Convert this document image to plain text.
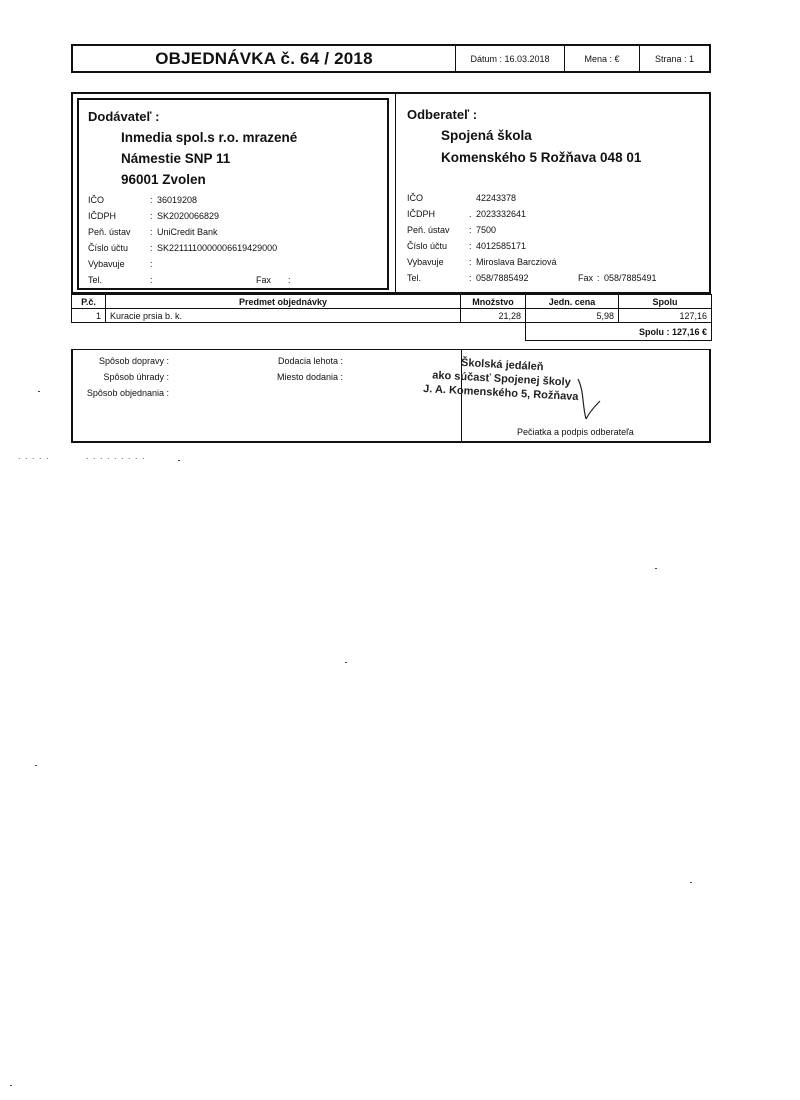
OBJEDNÁVKA č. 64 / 2018	Dátum : 16.03.2018	Mena : €	Strana : 1
Dodávateľ :
Inmedia spol.s r.o. mrazené
Námestie SNP 11
96001 Zvolen
IČO	: 36019208
IČDPH	: SK2020066829
Peň. ústav : UniCredit Bank
Číslo účtu : SK2211110000006619429000
Vybavuje	:
Tel.	:	Fax :
Odberateľ :
Spojená škola
Komenského 5 Rožňava 048 01
IČO	42243378
IČDPH	. 2023332641
Peň. ústav : 7500
Číslo účtu : 4012585171
Vybavuje	: Miroslava Barcziová
Tel.	: 058/7885492	Fax : 058/7885491
P.č.	Predmet objednávky	Množstvo	Jedn. cena	Spolu
1	Kuracie prsia b. k.	21,28	5,98	127,16
			Spolu : 127,16 €	
Spôsob dopravy :
Spôsob úhrady :
Spôsob objednania :
Dodacia lehota :
Miesto dodania :
Pečiatka a podpis odberateľa
Školská jedáleň
ako súčasť Spojenej školy
J. A. Komenského 5, Rožňava
. . . . .	. . . . . . . . .
